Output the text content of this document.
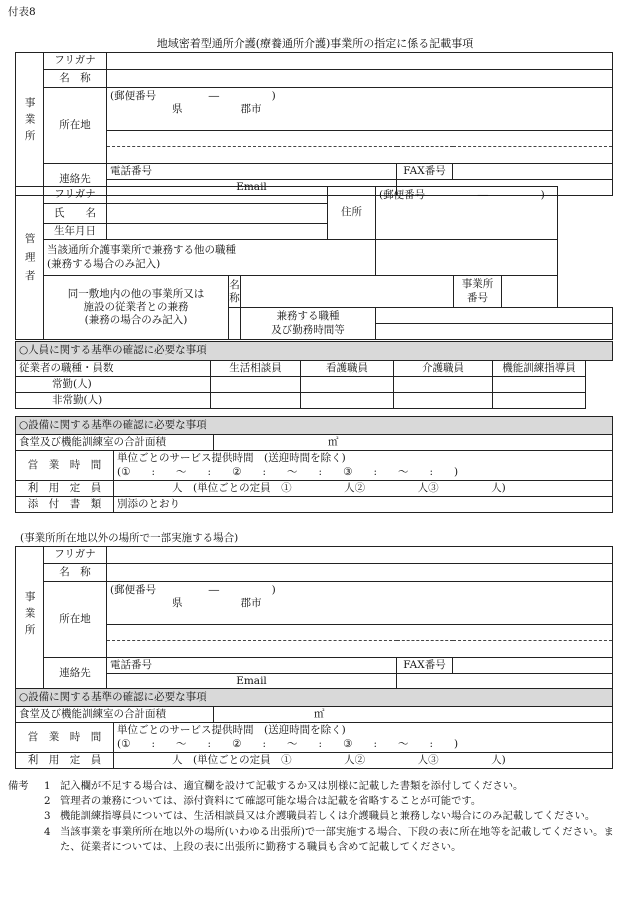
付表8
地域密着型通所介護(療養通所介護)事業所の指定に係る記載事項
事業所	フリガナ			
	名　称			
	所在地	(郵便番号　　　　　―　　　　　)
県 郡市		

	連絡先	電話番号	FAX番号	
		Email		
管理者	フリガナ				住所	(郵便番号　　　　　―　　　　　)		
	氏　　名							
	生年月日							

	当該通所介護事業所で兼務する他の職種
(兼務する場合のみ記入)							

	同一敷地内の他の事業所又は
施設の従業者との兼務
(兼務の場合のみ記入)		名称				事業所番号	

				兼務する職種
及び勤務時間等				

○人員に関する基準の確認に必要な事項					
従業者の職種・員数	生活相談員	看護職員	介護職員	機能訓練指導員	
常勤(人)					
非常勤(人)					
○設備に関する基準の確認に必要な事項		
食堂及び機能訓練室の合計面積		㎡
営　業　時　間	単位ごとのサービス提供時間　(送迎時間を除く)
(①　　:　　～　　:　　②　　:　　～　　:　　③　　:　　～　　:　　)	

利　用　定　員	人　(単位ごとの定員　①　　　　　人②　　　　　人③　　　　　人)	
添　付　書　類	別添のとおり	
(事業所所在地以外の場所で一部実施する場合)
事業所	フリガナ			
	名　称			
	所在地	(郵便番号　　　　　―　　　　　)
県 郡市		

	連絡先	電話番号	FAX番号	
		Email		
○設備に関する基準の確認に必要な事項		
食堂及び機能訓練室の合計面積		㎡
営　業　時　間	単位ごとのサービス提供時間　(送迎時間を除く)
(①　　:　　～　　:　　②　　:　　～　　:　　③　　:　　～　　:　　)	

利　用　定　員	人　(単位ごとの定員　①　　　　　人②　　　　　人③　　　　　人)	
備考	1 記入欄が不足する場合は、適宜欄を設けて記載するか又は別様に記載した書類を添付してください。
2 管理者の兼務については、添付資料にて確認可能な場合は記載を省略することが可能です。
3 機能訓練指導員については、生活相談員又は介護職員若しくは介護職員と兼務しない場合にのみ記載してください。
4 当該事業を事業所所在地以外の場所(いわゆる出張所)で一部実施する場合、下段の表に所在地等を記載してください。また、従業者については、上段の表に出張所に勤務する職員も含めて記載してください。
